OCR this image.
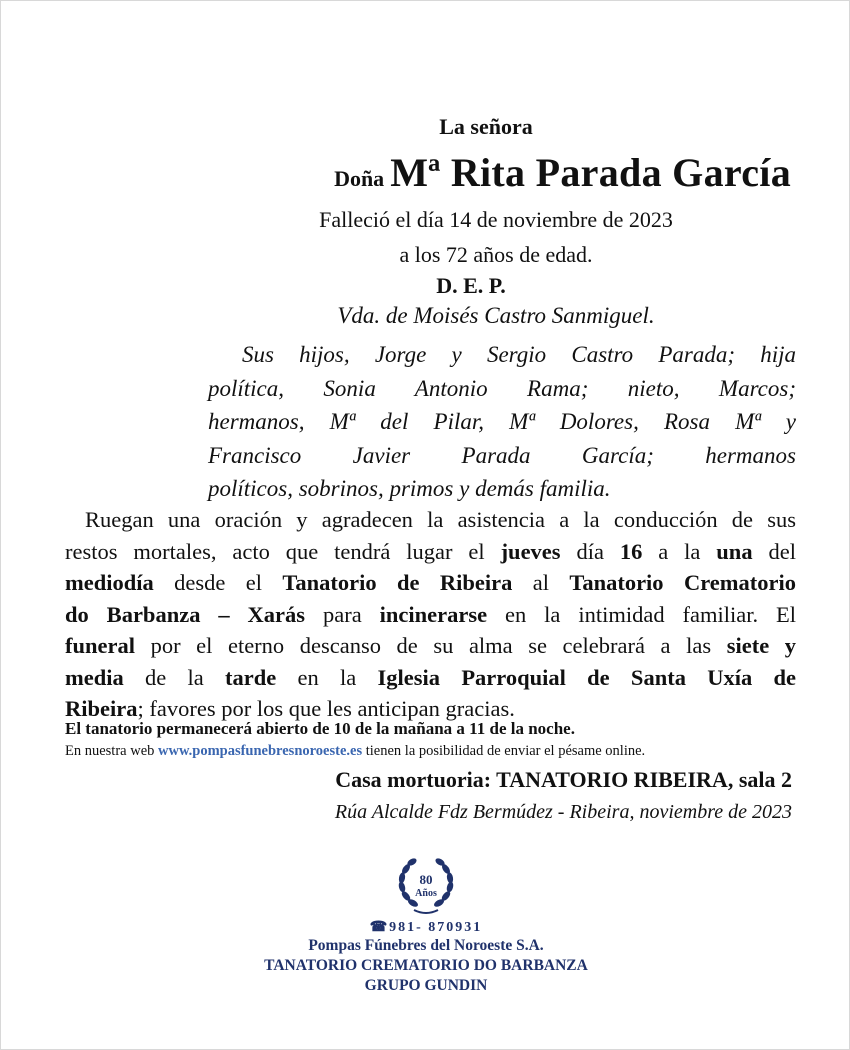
La señora
Doña Mª Rita Parada García
Falleció el día 14 de noviembre de 2023
a los 72 años de edad.
D. E. P.
Vda. de Moisés Castro Sanmiguel.
Sus hijos, Jorge y Sergio Castro Parada; hija
política, Sonia Antonio Rama; nieto, Marcos;
hermanos, Mª del Pilar, Mª Dolores, Rosa Mª y
Francisco Javier Parada García; hermanos
políticos, sobrinos, primos y demás familia.
Ruegan una oración y agradecen la asistencia a la conducción de sus
restos mortales, acto que tendrá lugar el jueves día 16 a la una del
mediodía desde el Tanatorio de Ribeira al Tanatorio Crematorio
do Barbanza – Xarás para incinerarse en la intimidad familiar. El
funeral por el eterno descanso de su alma se celebrará a las siete y
media de la tarde en la Iglesia Parroquial de Santa Uxía de
Ribeira; favores por los que les anticipan gracias.
El tanatorio permanecerá abierto de 10 de la mañana a 11 de la noche.
En nuestra web www.pompasfunebresnoroeste.es tienen la posibilidad de enviar el pésame online.
Casa mortuoria: TANATORIO RIBEIRA, sala 2
Rúa Alcalde Fdz Bermúdez - Ribeira, noviembre de 2023
80
Años
☎981- 870931
Pompas Fúnebres del Noroeste S.A.
TANATORIO CREMATORIO DO BARBANZA
GRUPO GUNDIN
